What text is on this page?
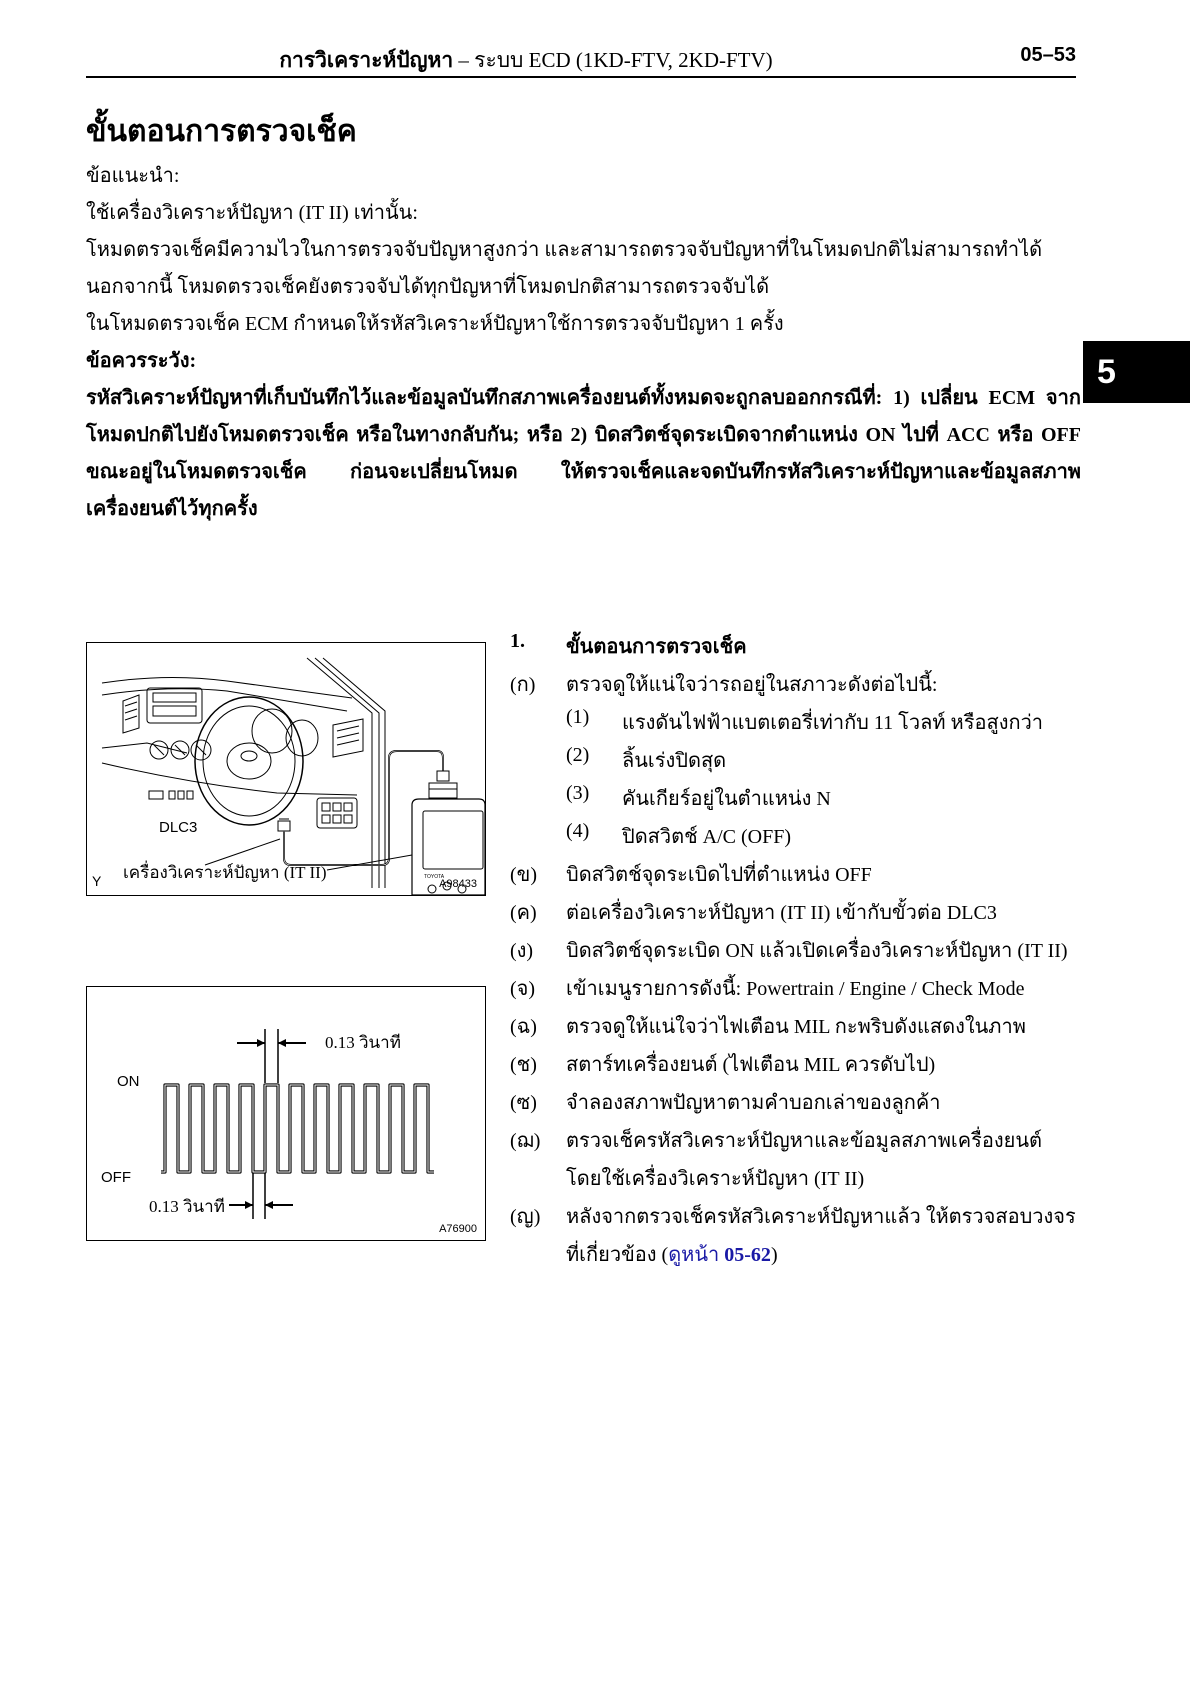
การวิเคราะห์ปัญหา – ระบบ ECD (1KD-FTV, 2KD-FTV)	05–53
ขั้นตอนการตรวจเช็ค
ข้อแนะนำ:
ใช้เครื่องวิเคราะห์ปัญหา (IT II) เท่านั้น:
โหมดตรวจเช็คมีความไวในการตรวจจับปัญหาสูงกว่า และสามารถตรวจจับปัญหาที่ในโหมดปกติไม่สามารถทำได้
นอกจากนี้ โหมดตรวจเช็คยังตรวจจับได้ทุกปัญหาที่โหมดปกติสามารถตรวจจับได้
ในโหมดตรวจเช็ค ECM กำหนดให้รหัสวิเคราะห์ปัญหาใช้การตรวจจับปัญหา 1 ครั้ง
ข้อควรระวัง:
รหัสวิเคราะห์ปัญหาที่เก็บบันทึกไว้และข้อมูลบันทึกสภาพเครื่องยนต์ทั้งหมดจะถูกลบออกกรณีที่: 1) เปลี่ยน ECM จากโหมดปกติไปยังโหมดตรวจเช็ค หรือในทางกลับกัน; หรือ 2) บิดสวิตช์จุดระเบิดจากตำแหน่ง ON ไปที่ ACC หรือ OFF ขณะอยู่ในโหมดตรวจเช็ค ก่อนจะเปลี่ยนโหมด ให้ตรวจเช็คและจดบันทึกรหัสวิเคราะห์ปัญหาและข้อมูลสภาพเครื่องยนต์ไว้ทุกครั้ง
5
DLC3
เครื่องวิเคราะห์ปัญหา (IT II)
Y	TOYOTA
A98433
ON
OFF
0.13 วินาที
0.13 วินาที
A76900
1. ขั้นตอนการตรวจเช็ค
(ก) ตรวจดูให้แน่ใจว่ารถอยู่ในสภาวะดังต่อไปนี้:
(1) แรงดันไฟฟ้าแบตเตอรี่เท่ากับ 11 โวลท์ หรือสูงกว่า
(2) ลิ้นเร่งปิดสุด
(3) คันเกียร์อยู่ในตำแหน่ง N
(4) ปิดสวิตช์ A/C (OFF)
(ข) บิดสวิตช์จุดระเบิดไปที่ตำแหน่ง OFF
(ค) ต่อเครื่องวิเคราะห์ปัญหา (IT II) เข้ากับขั้วต่อ DLC3
(ง) บิดสวิตช์จุดระเบิด ON แล้วเปิดเครื่องวิเคราะห์ปัญหา (IT II)
(จ) เข้าเมนูรายการดังนี้: Powertrain / Engine / Check Mode
(ฉ) ตรวจดูให้แน่ใจว่าไฟเตือน MIL กะพริบดังแสดงในภาพ
(ช) สตาร์ทเครื่องยนต์ (ไฟเตือน MIL ควรดับไป)
(ซ) จำลองสภาพปัญหาตามคำบอกเล่าของลูกค้า
(ฌ) ตรวจเช็ครหัสวิเคราะห์ปัญหาและข้อมูลสภาพเครื่องยนต์
โดยใช้เครื่องวิเคราะห์ปัญหา (IT II)
(ญ) หลังจากตรวจเช็ครหัสวิเคราะห์ปัญหาแล้ว ให้ตรวจสอบวงจร
ที่เกี่ยวข้อง (ดูหน้า 05-62)
